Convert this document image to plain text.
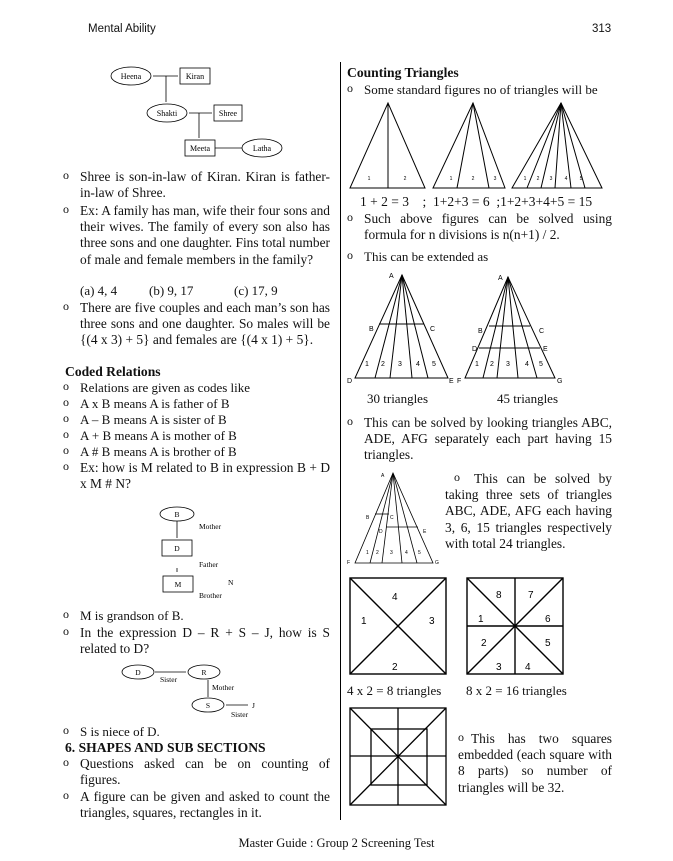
Mental Ability	313
Heena	Kiran
Shakti	Shree
Meeta	Latha
o Shree is son-in-law of Kiran. Kiran is father-in-law of Shree.
o Ex: A family has man, wife their four sons and their wives. The family of every son also has three sons and one daughter. Fins total number of male and female members in the family?
(a) 4, 4 (b) 9, 17	(c) 17, 9
o There are five couples and each man’s son has three sons and one daughter. So males will be {(4 x 3) + 5} and females are {(4 x 1) + 5}.
Coded Relations
o Relations are given as codes like
o A x B means A is father of B
o A – B means A is sister of B
o A + B means A is mother of B
o A # B means A is brother of B
o Ex: how is M related to B in expression B + D x M # N?
B
D
M	N
Mother
Father
Brother
o M is grandson of B.
o In the expression D – R + S – J, how is S related to D?
D	R
S	J
Sister
Mother
Sister
o S is niece of D.
6. SHAPES AND SUB SECTIONS
o Questions asked can be on counting of figures.
o A figure can be given and asked to count the triangles, squares, rectangles in it.
Master Guide : Group 2 Screening Test
Counting Triangles
o Some standard figures no of triangles will be
1	2	1	2	3	1 2 3 4 5
1 + 2 = 3    ;  1+2+3 = 6  ;1+2+3+4+5 = 15
o Such above figures can be solved using formula for n divisions is n(n+1) / 2.
o This can be extended as
A
B	C
D	E
1 2 3 4 5
A
B	C
D	E
F	G
1 2 3 4 5
30 triangles	45 triangles
o This can be solved by looking triangles ABC, ADE, AFG separately each part having 15 triangles.
A
B	C
D	E
F	G
1 2 3 4 5
o	This can be solved by taking three sets of triangles ABC, ADE, AFG each having 3, 6, 15 triangles respectively with total 24 triangles.
4
1	3
2
8	7
1	6
2	5
3 4
4 x 2 = 8 triangles 8 x 2 = 16 triangles
o This has two squares embedded (each square with 8 parts) so number of triangles will be 32.
